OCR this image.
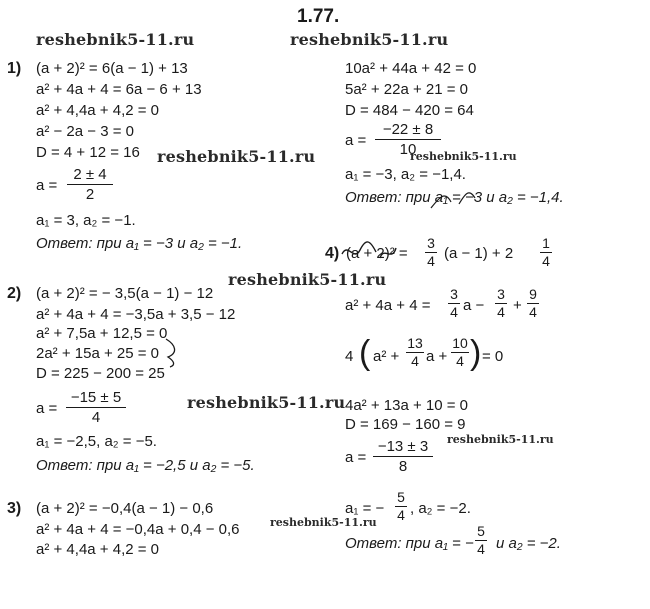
1.77.
reshebnik5-11.ru	reshebnik5-11.ru
reshebnik5-11.ru	reshebnik5-11.ru
reshebnik5-11.ru
reshebnik5-11.ru
reshebnik5-11.ru
reshebnik5-11.ru
1) (a + 2)² = 6(a − 1) + 13
a² + 4a + 4 = 6a − 6 + 13
a² + 4,4a + 4,2 = 0
a² − 2a − 3 = 0
D = 4 + 12 = 16
a =
2 ± 4
2
a₁ = 3, a₂ = −1.
Ответ: при a₁ = −3 и a₂ = −1.
2) (a + 2)² = − 3,5(a − 1) − 12
a² + 4a + 4 = −3,5a + 3,5 − 12
a² + 7,5a + 12,5 = 0
2a² + 15a + 25 = 0
D = 225 − 200 = 25
a =
−15 ± 5
4
a₁ = −2,5, a₂ = −5.
Ответ: при a₁ = −2,5 и a₂ = −5.
3) (a + 2)² = −0,4(a − 1) − 0,6
a² + 4a + 4 = −0,4a + 0,4 − 0,6
a² + 4,4a + 4,2 = 0
10a² + 44a + 42 = 0
5a² + 22a + 21 = 0
D = 484 − 420 = 64
a =
−22 ± 8
10
a₁ = −3, a₂ = −1,4.
Ответ: при a₁ = −3 и a₂ = −1,4.
4) (a + 2)² =
3
4 (a − 1) + 2
1
4
a² + 4a + 4 =
3
4 a −
3
4 +
9
4
4 ( a² +
13
4 a +
10
4 ) = 0
4a² + 13a + 10 = 0
D = 169 − 160 = 9
a =
−13 ± 3
8
a₁ = −
5
4 , a₂ = −2.
Ответ: при a₁ = −
5
4 и a₂ = −2.
